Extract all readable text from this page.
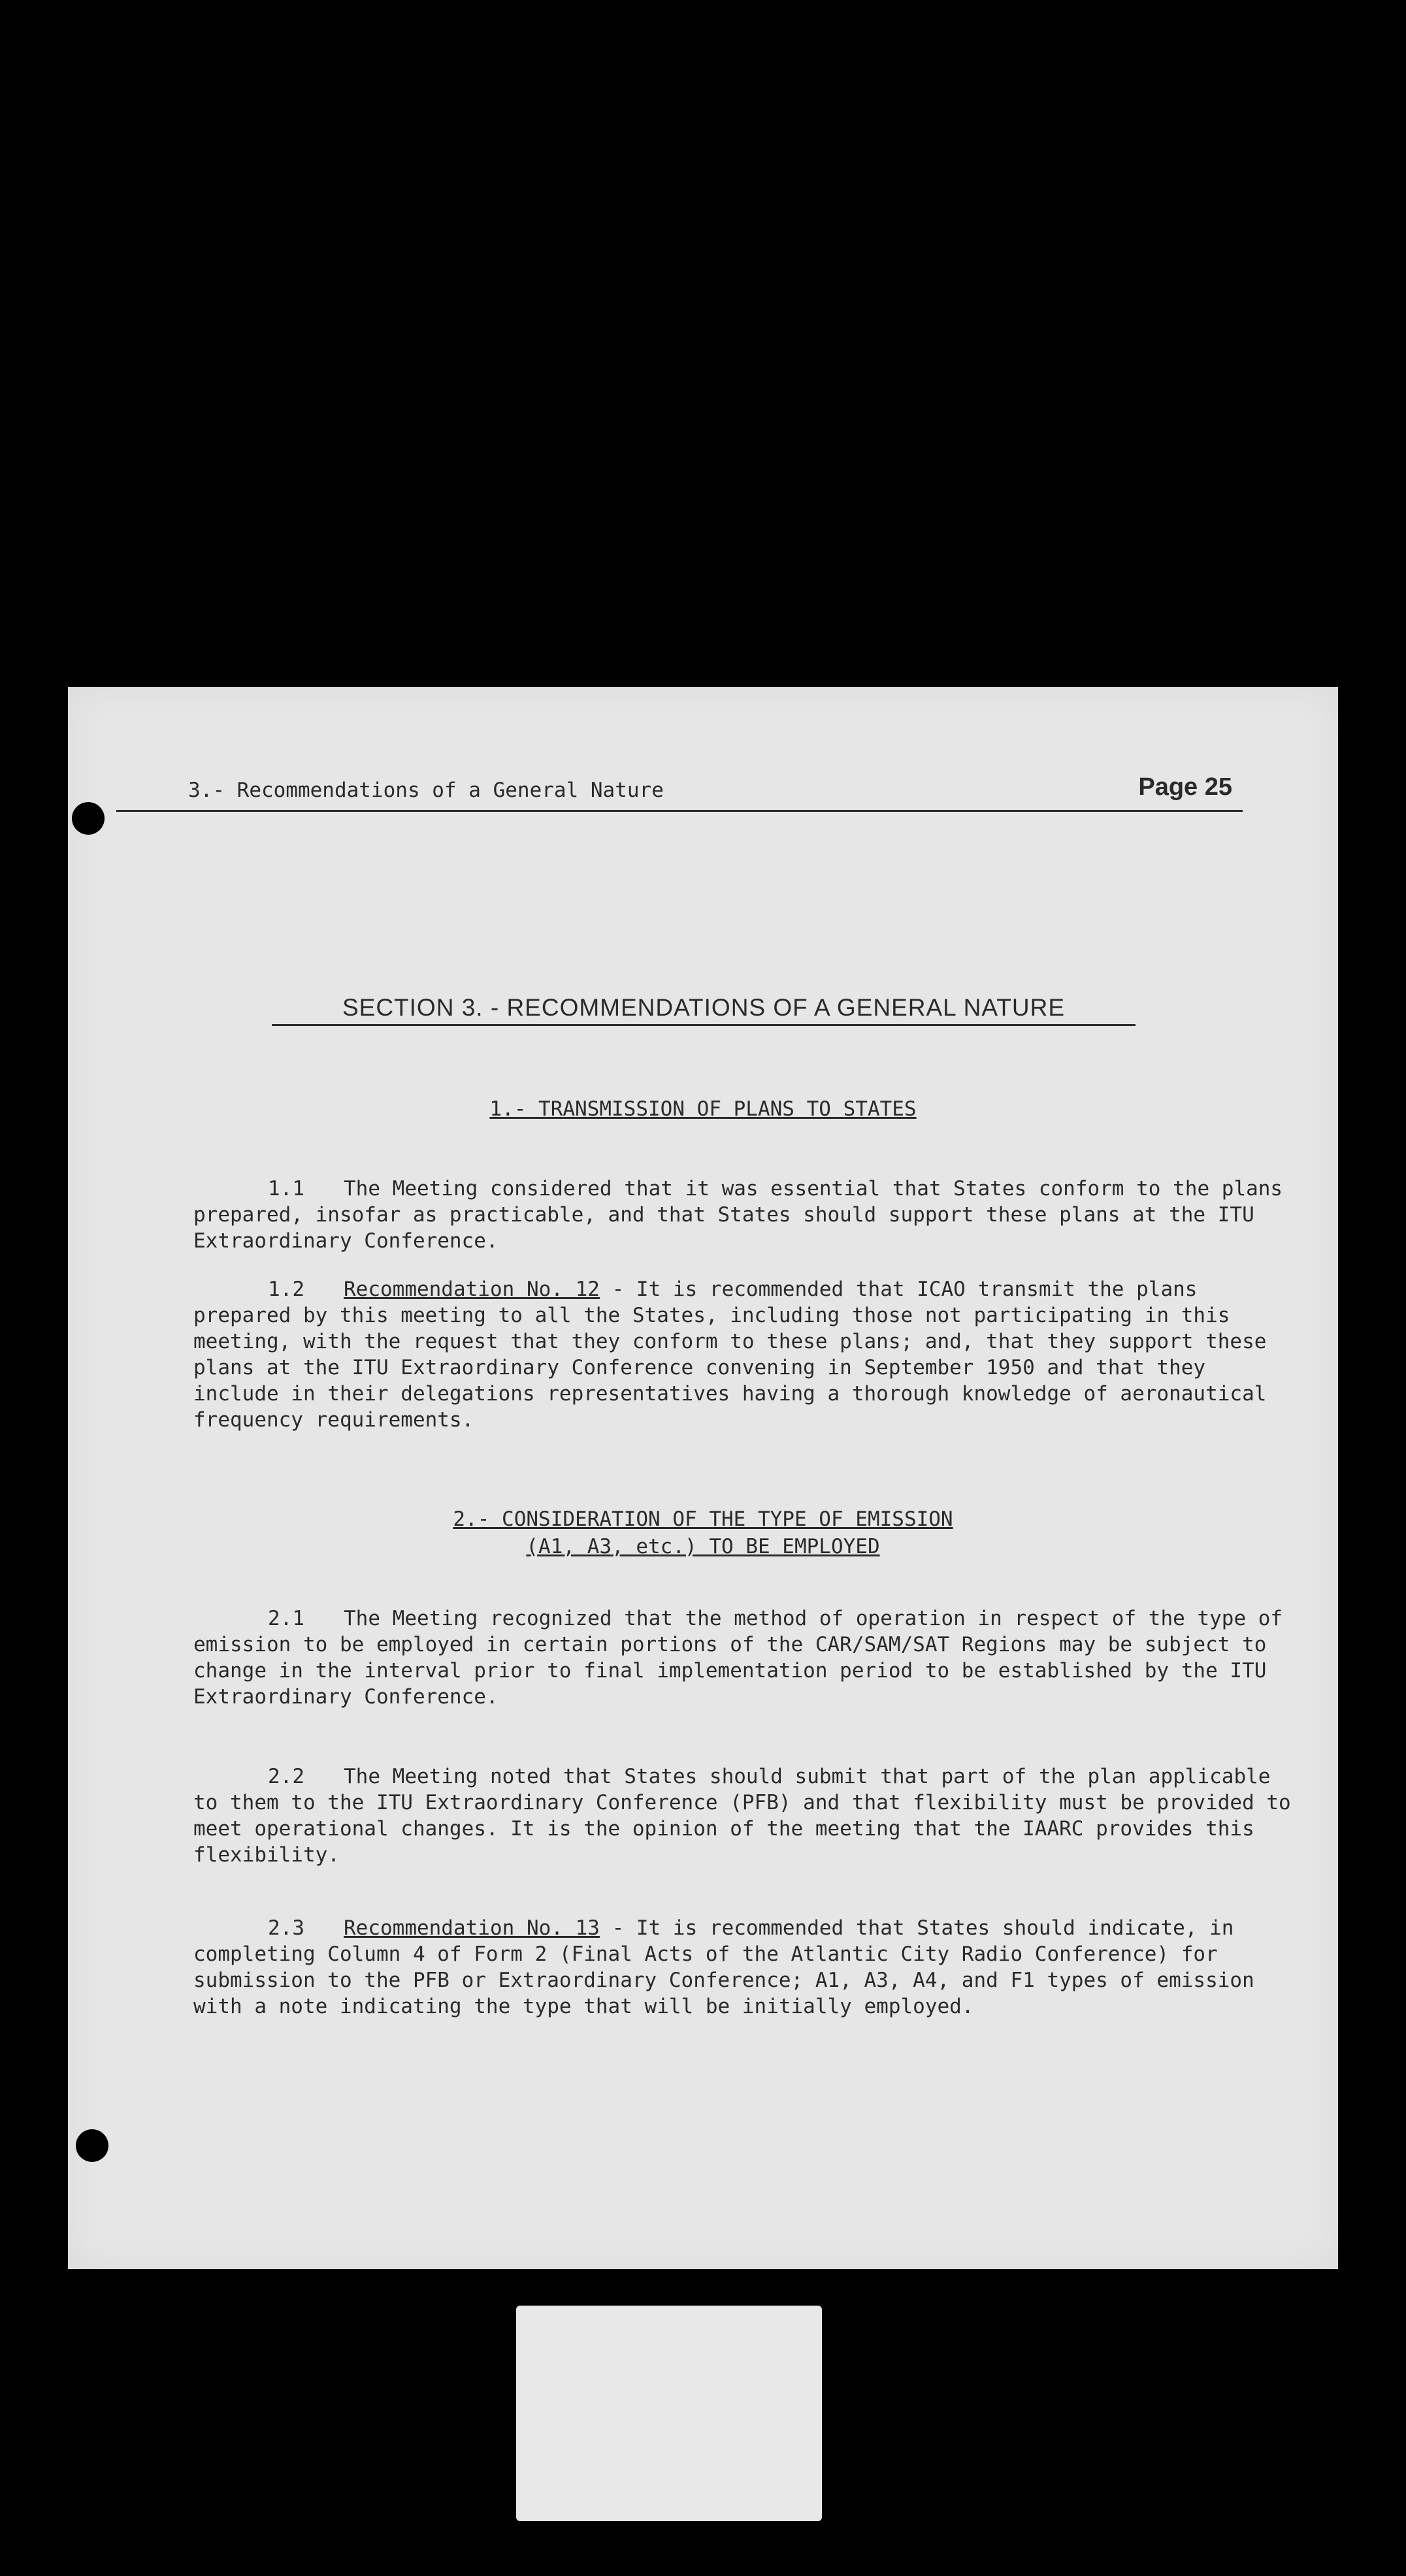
3.- Recommendations of a General Nature	Page 25
SECTION 3. - RECOMMENDATIONS OF A GENERAL NATURE
1.- TRANSMISSION OF PLANS TO STATES
1.1 The Meeting considered that it was essential that States conform to the plans prepared, insofar as practicable, and that States should support these plans at the ITU Extraordinary Conference.
1.2 Recommendation No. 12 - It is recommended that ICAO transmit the plans prepared by this meeting to all the States, including those not participating in this meeting, with the request that they conform to these plans; and, that they support these plans at the ITU Extraordinary Conference convening in September 1950 and that they include in their delegations representatives having a thorough knowledge of aeronautical frequency requirements.
2.- CONSIDERATION OF THE TYPE OF EMISSION
(A1, A3, etc.) TO BE EMPLOYED
2.1 The Meeting recognized that the method of operation in respect of the type of emission to be employed in certain portions of the CAR/SAM/SAT Regions may be subject to change in the interval prior to final implementation period to be established by the ITU Extraordinary Conference.
2.2 The Meeting noted that States should submit that part of the plan applicable to them to the ITU Extraordinary Conference (PFB) and that flexibility must be provided to meet operational changes. It is the opinion of the meeting that the IAARC provides this flexibility.
2.3 Recommendation No. 13 - It is recommended that States should indicate, in completing Column 4 of Form 2 (Final Acts of the Atlantic City Radio Conference) for submission to the PFB or Extraordinary Conference; A1, A3, A4, and F1 types of emission with a note indicating the type that will be initially employed.
